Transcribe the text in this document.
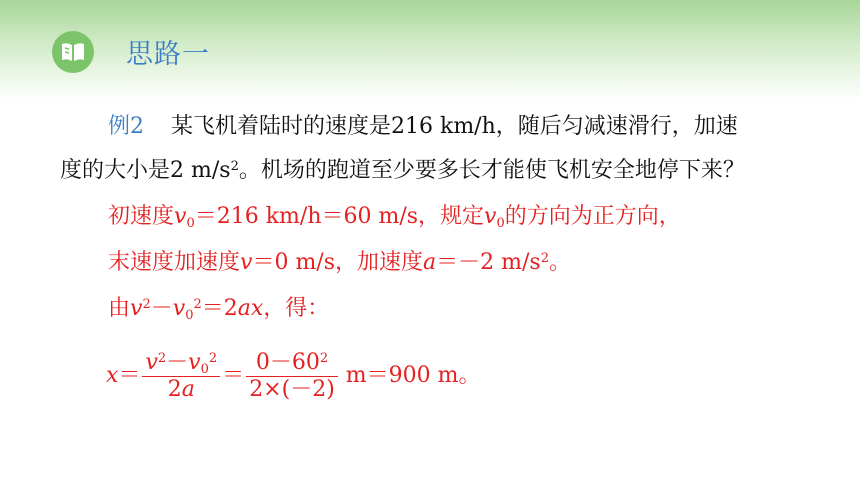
思路一
例2 某飞机着陆时的速度是216 km/h，随后匀减速滑行，加速
度的大小是2 $m/s^2$。机场的跑道至少要多长才能使飞机安全地停下来？
初速度$v_0=216$ km/h＝60 m/s，规定$v_0$的方向为正方向，
末速度加速度v＝0 m/s，加速度a＝－2 $m/s^2$。
由$v^2-v_0^2=2ax$，得：
$x= \frac{v^2-v_0^2}{2a} = \frac{0-60^2}{2\times(-2)} m=900$ m。
